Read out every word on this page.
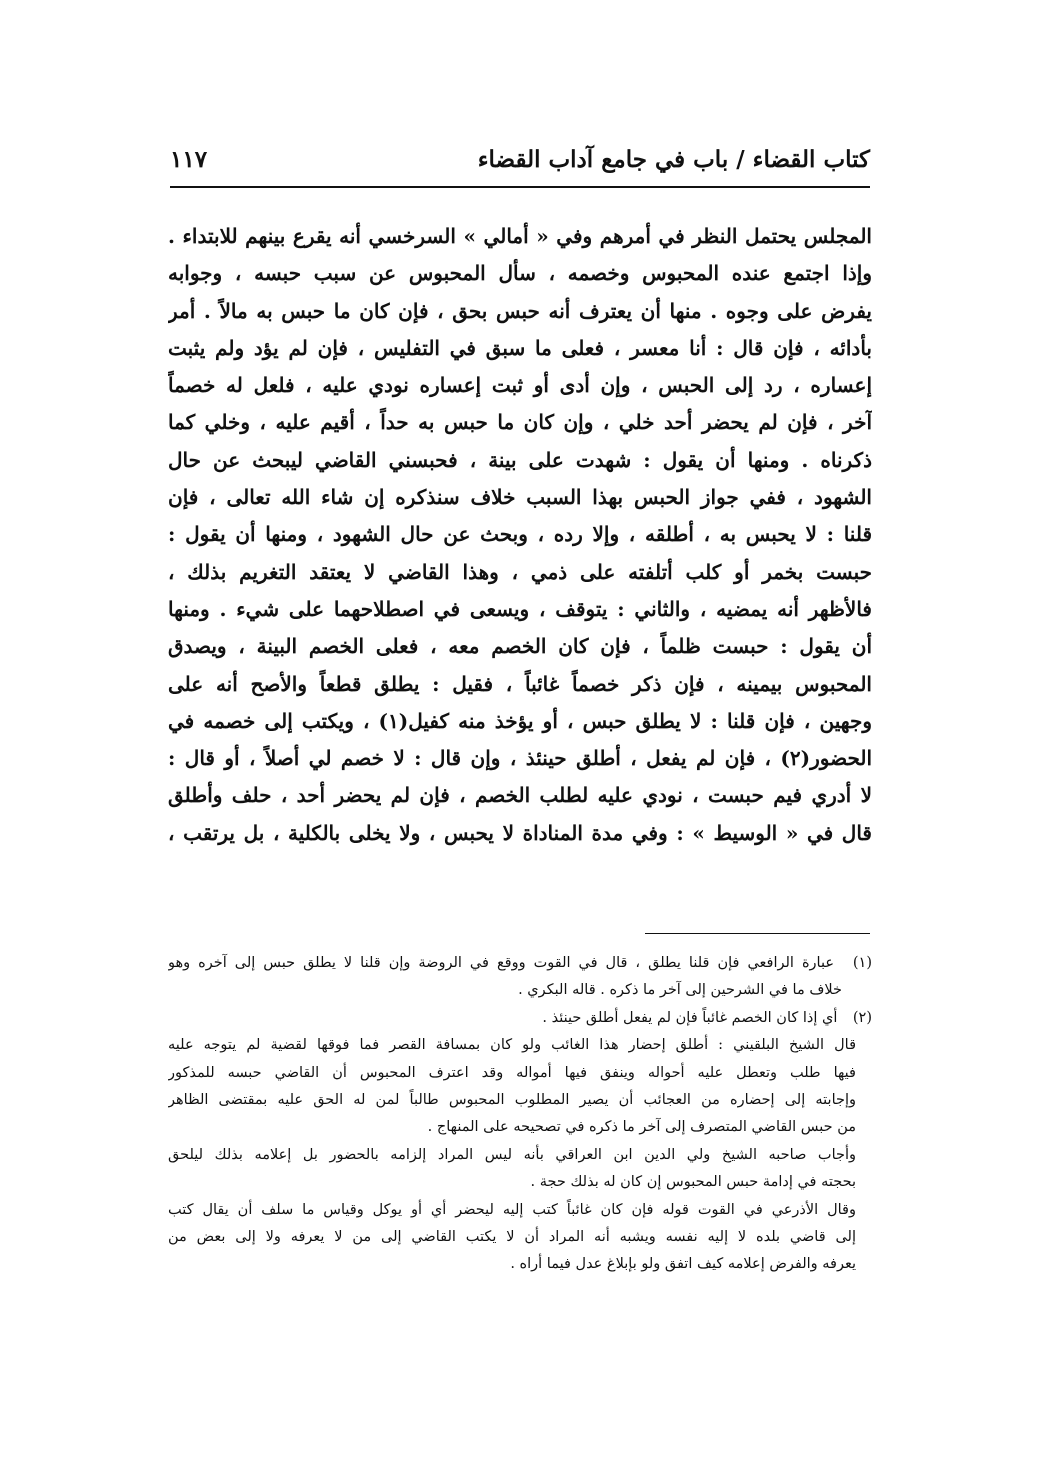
كتاب القضاء / باب في جامع آداب القضاء
١١٧
المجلس يحتمل النظر في أمرهم وفي « أمالي » السرخسي أنه يقرع بينهم للابتداء .
وإذا اجتمع عنده المحبوس وخصمه ، سأل المحبوس عن سبب حبسه ، وجوابه
يفرض على وجوه . منها أن يعترف أنه حبس بحق ، فإن كان ما حبس به مالاً . أمر
بأدائه ، فإن قال : أنا معسر ، فعلى ما سبق في التفليس ، فإن لم يؤد ولم يثبت
إعساره ، رد إلى الحبس ، وإن أدى أو ثبت إعساره نودي عليه ، فلعل له خصماً
آخر ، فإن لم يحضر أحد خلي ، وإن كان ما حبس به حداً ، أقيم عليه ، وخلي كما
ذكرناه . ومنها أن يقول : شهدت على بينة ، فحبسني القاضي ليبحث عن حال
الشهود ، ففي جواز الحبس بهذا السبب خلاف سنذكره إن شاء الله تعالى ، فإن
قلنا : لا يحبس به ، أطلقه ، وإلا رده ، وبحث عن حال الشهود ، ومنها أن يقول :
حبست بخمر أو كلب أتلفته على ذمي ، وهذا القاضي لا يعتقد التغريم بذلك ،
فالأظهر أنه يمضيه ، والثاني : يتوقف ، ويسعى في اصطلاحهما على شيء . ومنها
أن يقول : حبست ظلماً ، فإن كان الخصم معه ، فعلى الخصم البينة ، ويصدق
المحبوس بيمينه ، فإن ذكر خصماً غائباً ، فقيل : يطلق قطعاً والأصح أنه على
وجهين ، فإن قلنا : لا يطلق حبس ، أو يؤخذ منه كفيل(١) ، ويكتب إلى خصمه في
الحضور(٢) ، فإن لم يفعل ، أطلق حينئذ ، وإن قال : لا خصم لي أصلاً ، أو قال :
لا أدري فيم حبست ، نودي عليه لطلب الخصم ، فإن لم يحضر أحد ، حلف وأطلق
قال في « الوسيط » : وفي مدة المناداة لا يحبس ، ولا يخلى بالكلية ، بل يرتقب ،
(١) عبارة الرافعي فإن قلنا يطلق ، قال في القوت ووقع في الروضة وإن قلنا لا يطلق حبس إلى آخره وهو
خلاف ما في الشرحين إلى آخر ما ذكره . قاله البكري .
(٢) أي إذا كان الخصم غائباً فإن لم يفعل أطلق حينئذ .
قال الشيخ البلقيني : أطلق إحضار هذا الغائب ولو كان بمسافة القصر فما فوقها لقضية لم يتوجه عليه
فيها طلب وتعطل عليه أحواله وينفق فيها أمواله وقد اعترف المحبوس أن القاضي حبسه للمذكور
وإجابته إلى إحضاره من العجائب أن يصير المطلوب المحبوس طالباً لمن له الحق عليه بمقتضى الظاهر
من حبس القاضي المتصرف إلى آخر ما ذكره في تصحيحه على المنهاج .
وأجاب صاحبه الشيخ ولي الدين ابن العراقي بأنه ليس المراد إلزامه بالحضور بل إعلامه بذلك ليلحق
بحجته في إدامة حبس المحبوس إن كان له بذلك حجة .
وقال الأذرعي في القوت قوله فإن كان غائباً كتب إليه ليحضر أي أو يوكل وقياس ما سلف أن يقال كتب
إلى قاضي بلده لا إليه نفسه ويشبه أنه المراد أن لا يكتب القاضي إلى من لا يعرفه ولا إلى بعض من
يعرفه والفرض إعلامه كيف اتفق ولو بإبلاغ عدل فيما أراه .
